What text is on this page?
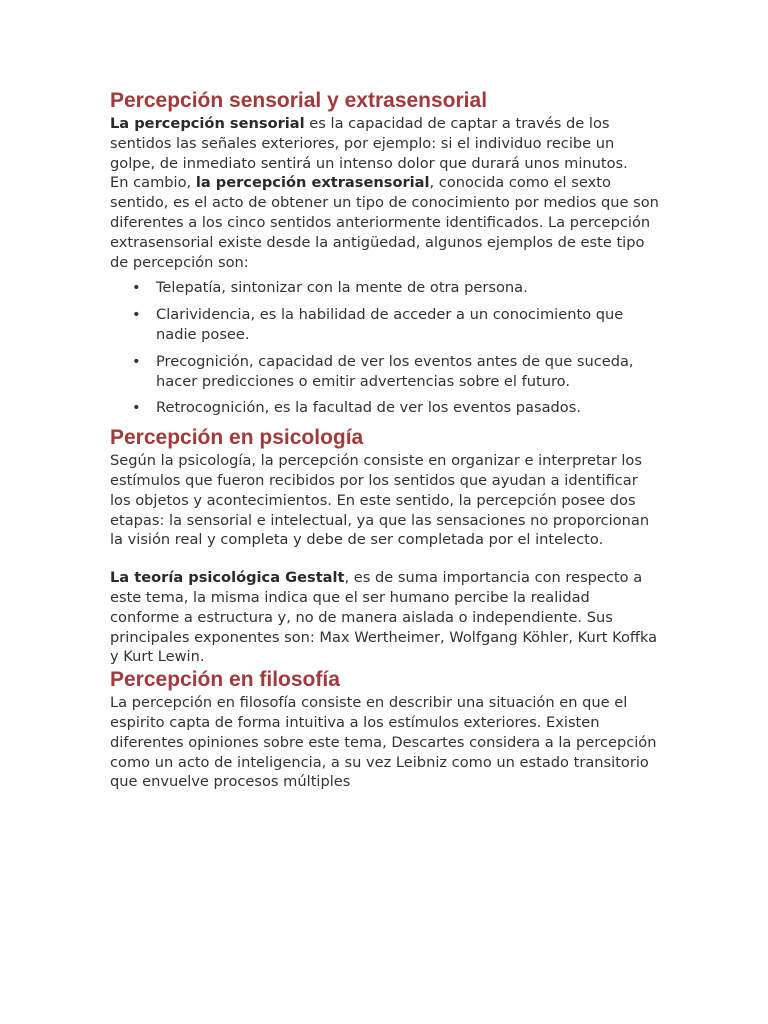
Percepción sensorial y extrasensorial

La percepción sensorial es la capacidad de captar a través de los sentidos las señales exteriores, por ejemplo: si el individuo recibe un golpe, de inmediato sentirá un intenso dolor que durará unos minutos.

En cambio, la percepción extrasensorial, conocida como el sexto sentido, es el acto de obtener un tipo de conocimiento por medios que son diferentes a los cinco sentidos anteriormente identificados. La percepción extrasensorial existe desde la antigüedad, algunos ejemplos de este tipo de percepción son:

• Telepatía, sintonizar con la mente de otra persona.
• Clarividencia, es la habilidad de acceder a un conocimiento que nadie posee.
• Precognición, capacidad de ver los eventos antes de que suceda, hacer predicciones o emitir advertencias sobre el futuro.
• Retrocognición, es la facultad de ver los eventos pasados.
Percepción en psicología

Según la psicología, la percepción consiste en organizar e interpretar los estímulos que fueron recibidos por los sentidos que ayudan a identificar los objetos y acontecimientos. En este sentido, la percepción posee dos etapas: la sensorial e intelectual, ya que las sensaciones no proporcionan la visión real y completa y debe de ser completada por el intelecto.

La teoría psicológica Gestalt, es de suma importancia con respecto a este tema, la misma indica que el ser humano percibe la realidad conforme a estructura y, no de manera aislada o independiente. Sus principales exponentes son: Max Wertheimer, Wolfgang Köhler, Kurt Koffka y Kurt Lewin.

Percepción en filosofía

La percepción en filosofía consiste en describir una situación en que el espirito capta de forma intuitiva a los estímulos exteriores. Existen diferentes opiniones sobre este tema, Descartes considera a la percepción como un acto de inteligencia, a su vez Leibniz como un estado transitorio que envuelve procesos múltiples
